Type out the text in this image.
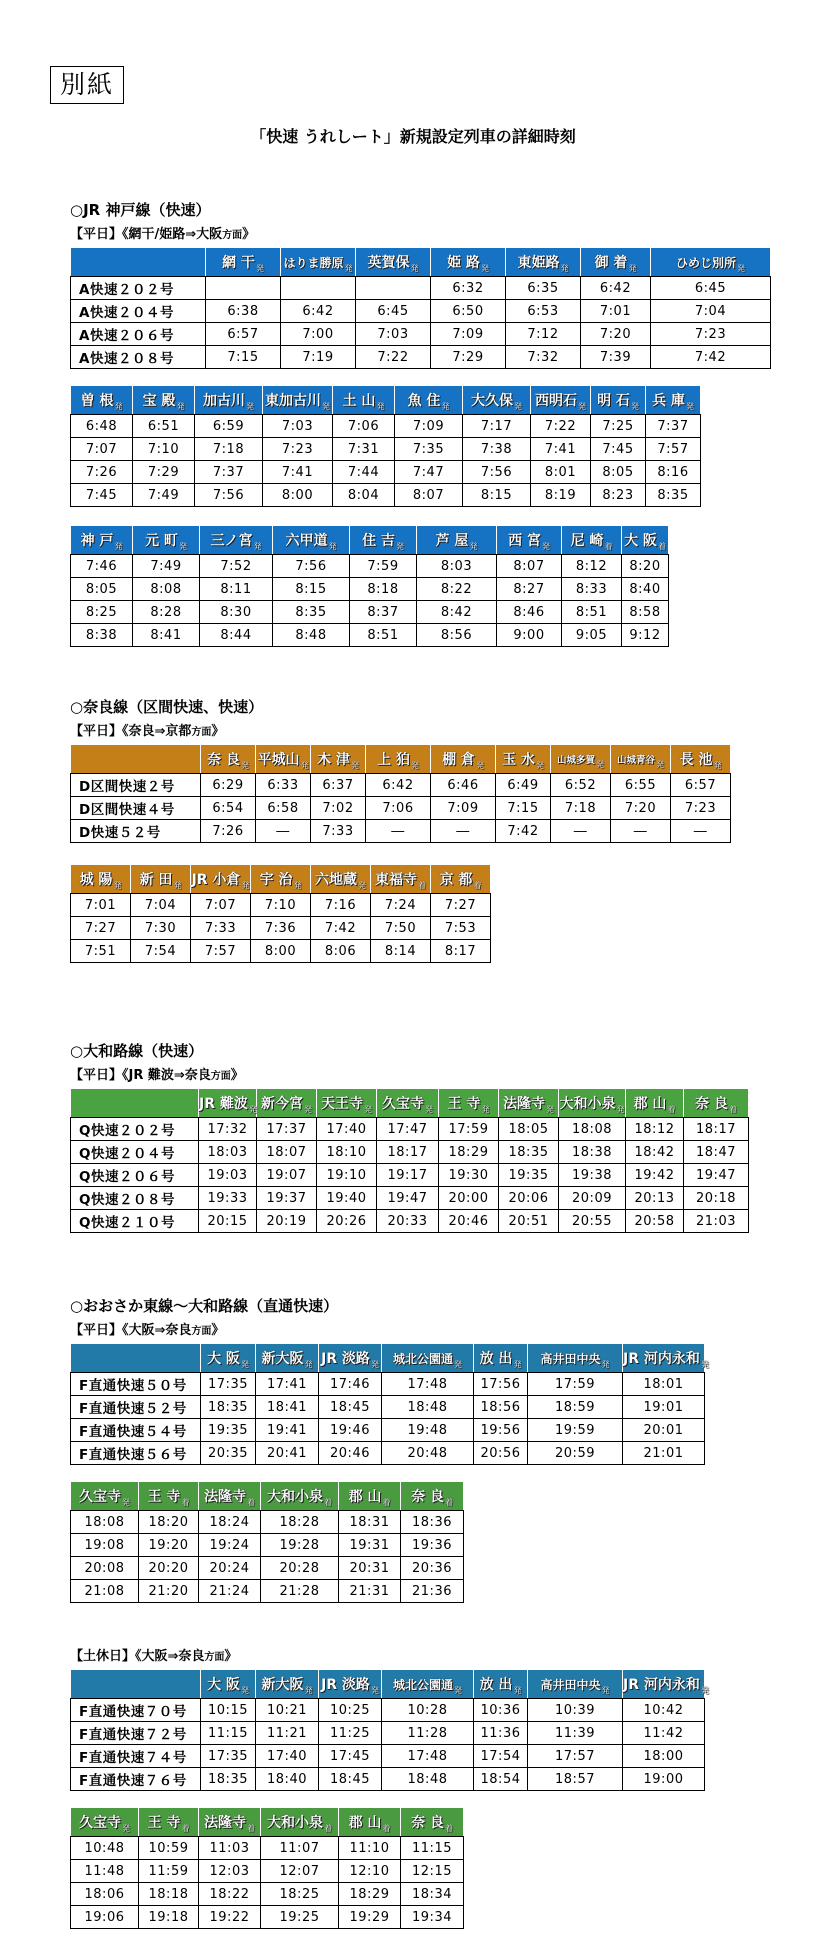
別紙
「快速 うれしート」新規設定列車の詳細時刻
○JR 神戸線（快速）
【平日】《網干/姫路⇒大阪方面》
	網 干$_発$	はりま勝原$_発$	英賀保$_発$	姫 路$_発$	東姫路$_発$	御 着$_発$	ひめじ別所$_発$
A快速２０２号				6:32	6:35	6:42	6:45
A快速２０４号	6:38	6:42	6:45	6:50	6:53	7:01	7:04
A快速２０６号	6:57	7:00	7:03	7:09	7:12	7:20	7:23
A快速２０８号	7:15	7:19	7:22	7:29	7:32	7:39	7:42
曽 根$_発$	宝 殿$_発$	加古川$_発$	東加古川$_発$	土 山$_発$	魚 住$_発$	大久保$_発$	西明石$_発$	明 石$_発$	兵 庫$_発$
6:48	6:51	6:59	7:03	7:06	7:09	7:17	7:22	7:25	7:37
7:07	7:10	7:18	7:23	7:31	7:35	7:38	7:41	7:45	7:57
7:26	7:29	7:37	7:41	7:44	7:47	7:56	8:01	8:05	8:16
7:45	7:49	7:56	8:00	8:04	8:07	8:15	8:19	8:23	8:35
神 戸$_発$	元 町$_発$	三ノ宮$_発$	六甲道$_発$	住 吉$_発$	芦 屋$_発$	西 宮$_発$	尼 崎$_着$	大 阪$_着$
7:46	7:49	7:52	7:56	7:59	8:03	8:07	8:12	8:20
8:05	8:08	8:11	8:15	8:18	8:22	8:27	8:33	8:40
8:25	8:28	8:30	8:35	8:37	8:42	8:46	8:51	8:58
8:38	8:41	8:44	8:48	8:51	8:56	9:00	9:05	9:12
○奈良線（区間快速、快速）
【平日】《奈良⇒京都方面》
	奈 良$_発$	平城山$_発$	木 津$_発$	上 狛$_発$	棚 倉$_発$	玉 水$_発$	山城多賀$_発$	山城青谷$_発$	長 池$_発$
D区間快速２号	6:29	6:33	6:37	6:42	6:46	6:49	6:52	6:55	6:57
D区間快速４号	6:54	6:58	7:02	7:06	7:09	7:15	7:18	7:20	7:23
D快速５２号	7:26	―	7:33	―	―	7:42	―	―	―
城 陽$_発$	新 田$_発$	JR 小倉$_発$	宇 治$_発$	六地蔵$_発$	東福寺$_着$	京 都$_着$
7:01	7:04	7:07	7:10	7:16	7:24	7:27
7:27	7:30	7:33	7:36	7:42	7:50	7:53
7:51	7:54	7:57	8:00	8:06	8:14	8:17
○大和路線（快速）
【平日】《JR 難波⇒奈良方面》
	JR 難波$_発$	新今宮$_発$	天王寺$_発$	久宝寺$_発$	王 寺$_発$	法隆寺$_発$	大和小泉$_発$	郡 山$_着$	奈 良$_着$
Q快速２０２号	17:32	17:37	17:40	17:47	17:59	18:05	18:08	18:12	18:17
Q快速２０４号	18:03	18:07	18:10	18:17	18:29	18:35	18:38	18:42	18:47
Q快速２０６号	19:03	19:07	19:10	19:17	19:30	19:35	19:38	19:42	19:47
Q快速２０８号	19:33	19:37	19:40	19:47	20:00	20:06	20:09	20:13	20:18
Q快速２１０号	20:15	20:19	20:26	20:33	20:46	20:51	20:55	20:58	21:03
○おおさか東線～大和路線（直通快速）
【平日】《大阪⇒奈良方面》
	大 阪$_発$	新大阪$_発$	JR 淡路$_発$	城北公園通$_発$	放 出$_発$	高井田中央$_発$	JR 河内永和$_発$
F直通快速５０号	17:35	17:41	17:46	17:48	17:56	17:59	18:01
F直通快速５２号	18:35	18:41	18:45	18:48	18:56	18:59	19:01
F直通快速５４号	19:35	19:41	19:46	19:48	19:56	19:59	20:01
F直通快速５６号	20:35	20:41	20:46	20:48	20:56	20:59	21:01
久宝寺$_発$	王 寺$_着$	法隆寺$_着$	大和小泉$_着$	郡 山$_着$	奈 良$_着$
18:08	18:20	18:24	18:28	18:31	18:36
19:08	19:20	19:24	19:28	19:31	19:36
20:08	20:20	20:24	20:28	20:31	20:36
21:08	21:20	21:24	21:28	21:31	21:36
【土休日】《大阪⇒奈良方面》
	大 阪$_発$	新大阪$_発$	JR 淡路$_発$	城北公園通$_発$	放 出$_発$	高井田中央$_発$	JR 河内永和$_発$
F直通快速７０号	10:15	10:21	10:25	10:28	10:36	10:39	10:42
F直通快速７２号	11:15	11:21	11:25	11:28	11:36	11:39	11:42
F直通快速７４号	17:35	17:40	17:45	17:48	17:54	17:57	18:00
F直通快速７６号	18:35	18:40	18:45	18:48	18:54	18:57	19:00
久宝寺$_発$	王 寺$_着$	法隆寺$_着$	大和小泉$_着$	郡 山$_着$	奈 良$_着$
10:48	10:59	11:03	11:07	11:10	11:15
11:48	11:59	12:03	12:07	12:10	12:15
18:06	18:18	18:22	18:25	18:29	18:34
19:06	19:18	19:22	19:25	19:29	19:34
